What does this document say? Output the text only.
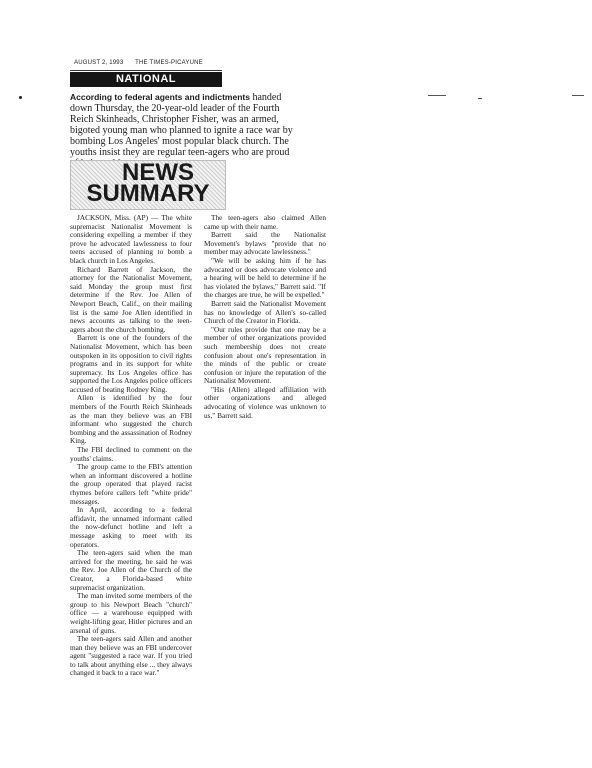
AUGUST 2, 1993 THE TIMES-PICAYUNE
NATIONAL
According to federal agents and indictments handed down Thursday, the 20-year-old leader of the Fourth Reich Skinheads, Christopher Fisher, was an armed, bigoted young man who planned to ignite a race war by bombing Los Angeles' most popular black church. The youths insist they are regular teen-agers who are proud
NEWS
SUMMARY

JACKSON, Miss. (AP) — The white supremacist Nationalist Movement is considering expelling a member if they prove he advocated lawlessness to four teens accused of planning to bomb a black church in Los Angeles.

Richard Barrett of Jackson, the attorney for the Nationalist Movement, said Monday the group must first determine if the Rev. Joe Allen of Newport Beach, Calif., on their mailing list is the same Joe Allen identified in news accounts as talking to the teen-agers about the church bombing.

Barrett is one of the founders of the Nationalist Movement, which has been outspoken in its opposition to civil rights programs and in its support for white supremacy. Its Los Angeles office has supported the Los Angeles police officers accused of beating Rodney King.

Allen is identified by the four members of the Fourth Reich Skinheads as the man they believe was an FBI informant who suggested the church bombing and the assassination of Rodney King.

The FBI declined to comment on the youths' claims.

The group came to the FBI's attention when an informant discovered a hotline the group operated that played racist rhymes before callers left "white pride" messages.

In April, according to a federal affidavit, the unnamed informant called the now-defunct hotline and left a message asking to meet with its operators.

The teen-agers said when the man arrived for the meeting, he said he was the Rev. Joe Allen of the Church of the Creator, a Florida-based white supremacist organization.

The man invited some members of the group to his Newport Beach "church" office — a warehouse equipped with weight-lifting gear, Hitler pictures and an arsenal of guns.

The teen-agers said Allen and another man they believe was an FBI undercover agent "suggested a race war. If you tried to talk about anything else ... they always changed it back to a race war."

The teen-agers also claimed Allen came up with their name.

Barrett said the Nationalist Movement's bylaws "provide that no member may advocate lawlessness."

"We will be asking him if he has advocated or does advocate violence and a hearing will be held to determine if he has violated the bylaws," Barrett said. "If the charges are true, he will be expelled."

Barrett said the Nationalist Movement has no knowledge of Allen's so-called Church of the Creator in Florida.

"Our rules provide that one may be a member of other organizations provided such membership does not create confusion about one's representation in the minds of the public or create confusion or injure the reputation of the Nationalist Movement.

"His (Allen) alleged affiliation with other organizations and alleged advocating of violence was unknown to us," Barrett said.
